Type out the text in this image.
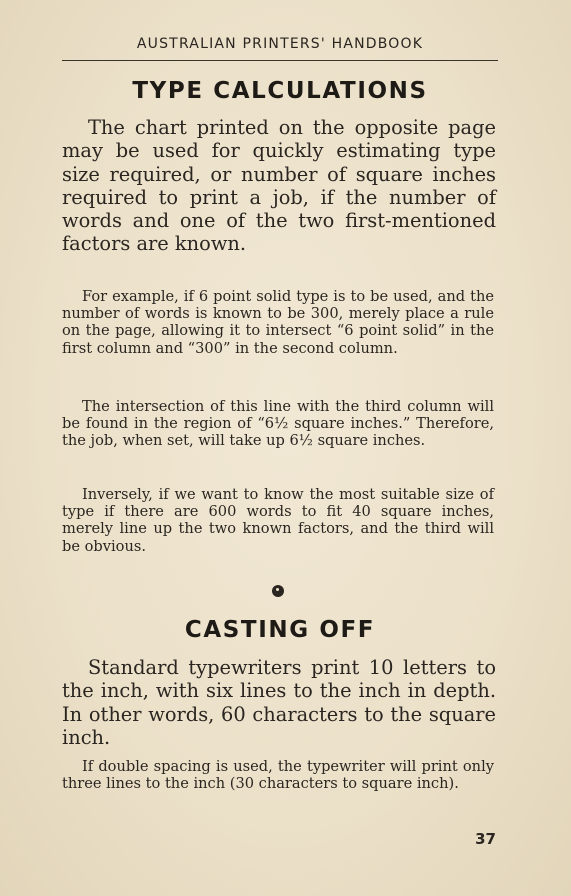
AUSTRALIAN PRINTERS' HANDBOOK
TYPE CALCULATIONS

The chart printed on the opposite page may be used for quickly estimating type size required, or number of square inches required to print a job, if the number of words and one of the two first-mentioned factors are known.

For example, if 6 point solid type is to be used, and the number of words is known to be 300, merely place a rule on the page, allowing it to intersect “6 point solid” in the first column and “300” in the second column.

The intersection of this line with the third column will be found in the region of “6½ square inches.” Therefore, the job, when set, will take up 6½ square inches.

Inversely, if we want to know the most suitable size of type if there are 600 words to fit 40 square inches, merely line up the two known factors, and the third will be obvious.

CASTING OFF

Standard typewriters print 10 letters to the inch, with six lines to the inch in depth. In other words, 60 characters to the square inch.

If double spacing is used, the typewriter will print only three lines to the inch (30 characters to square inch).

37
